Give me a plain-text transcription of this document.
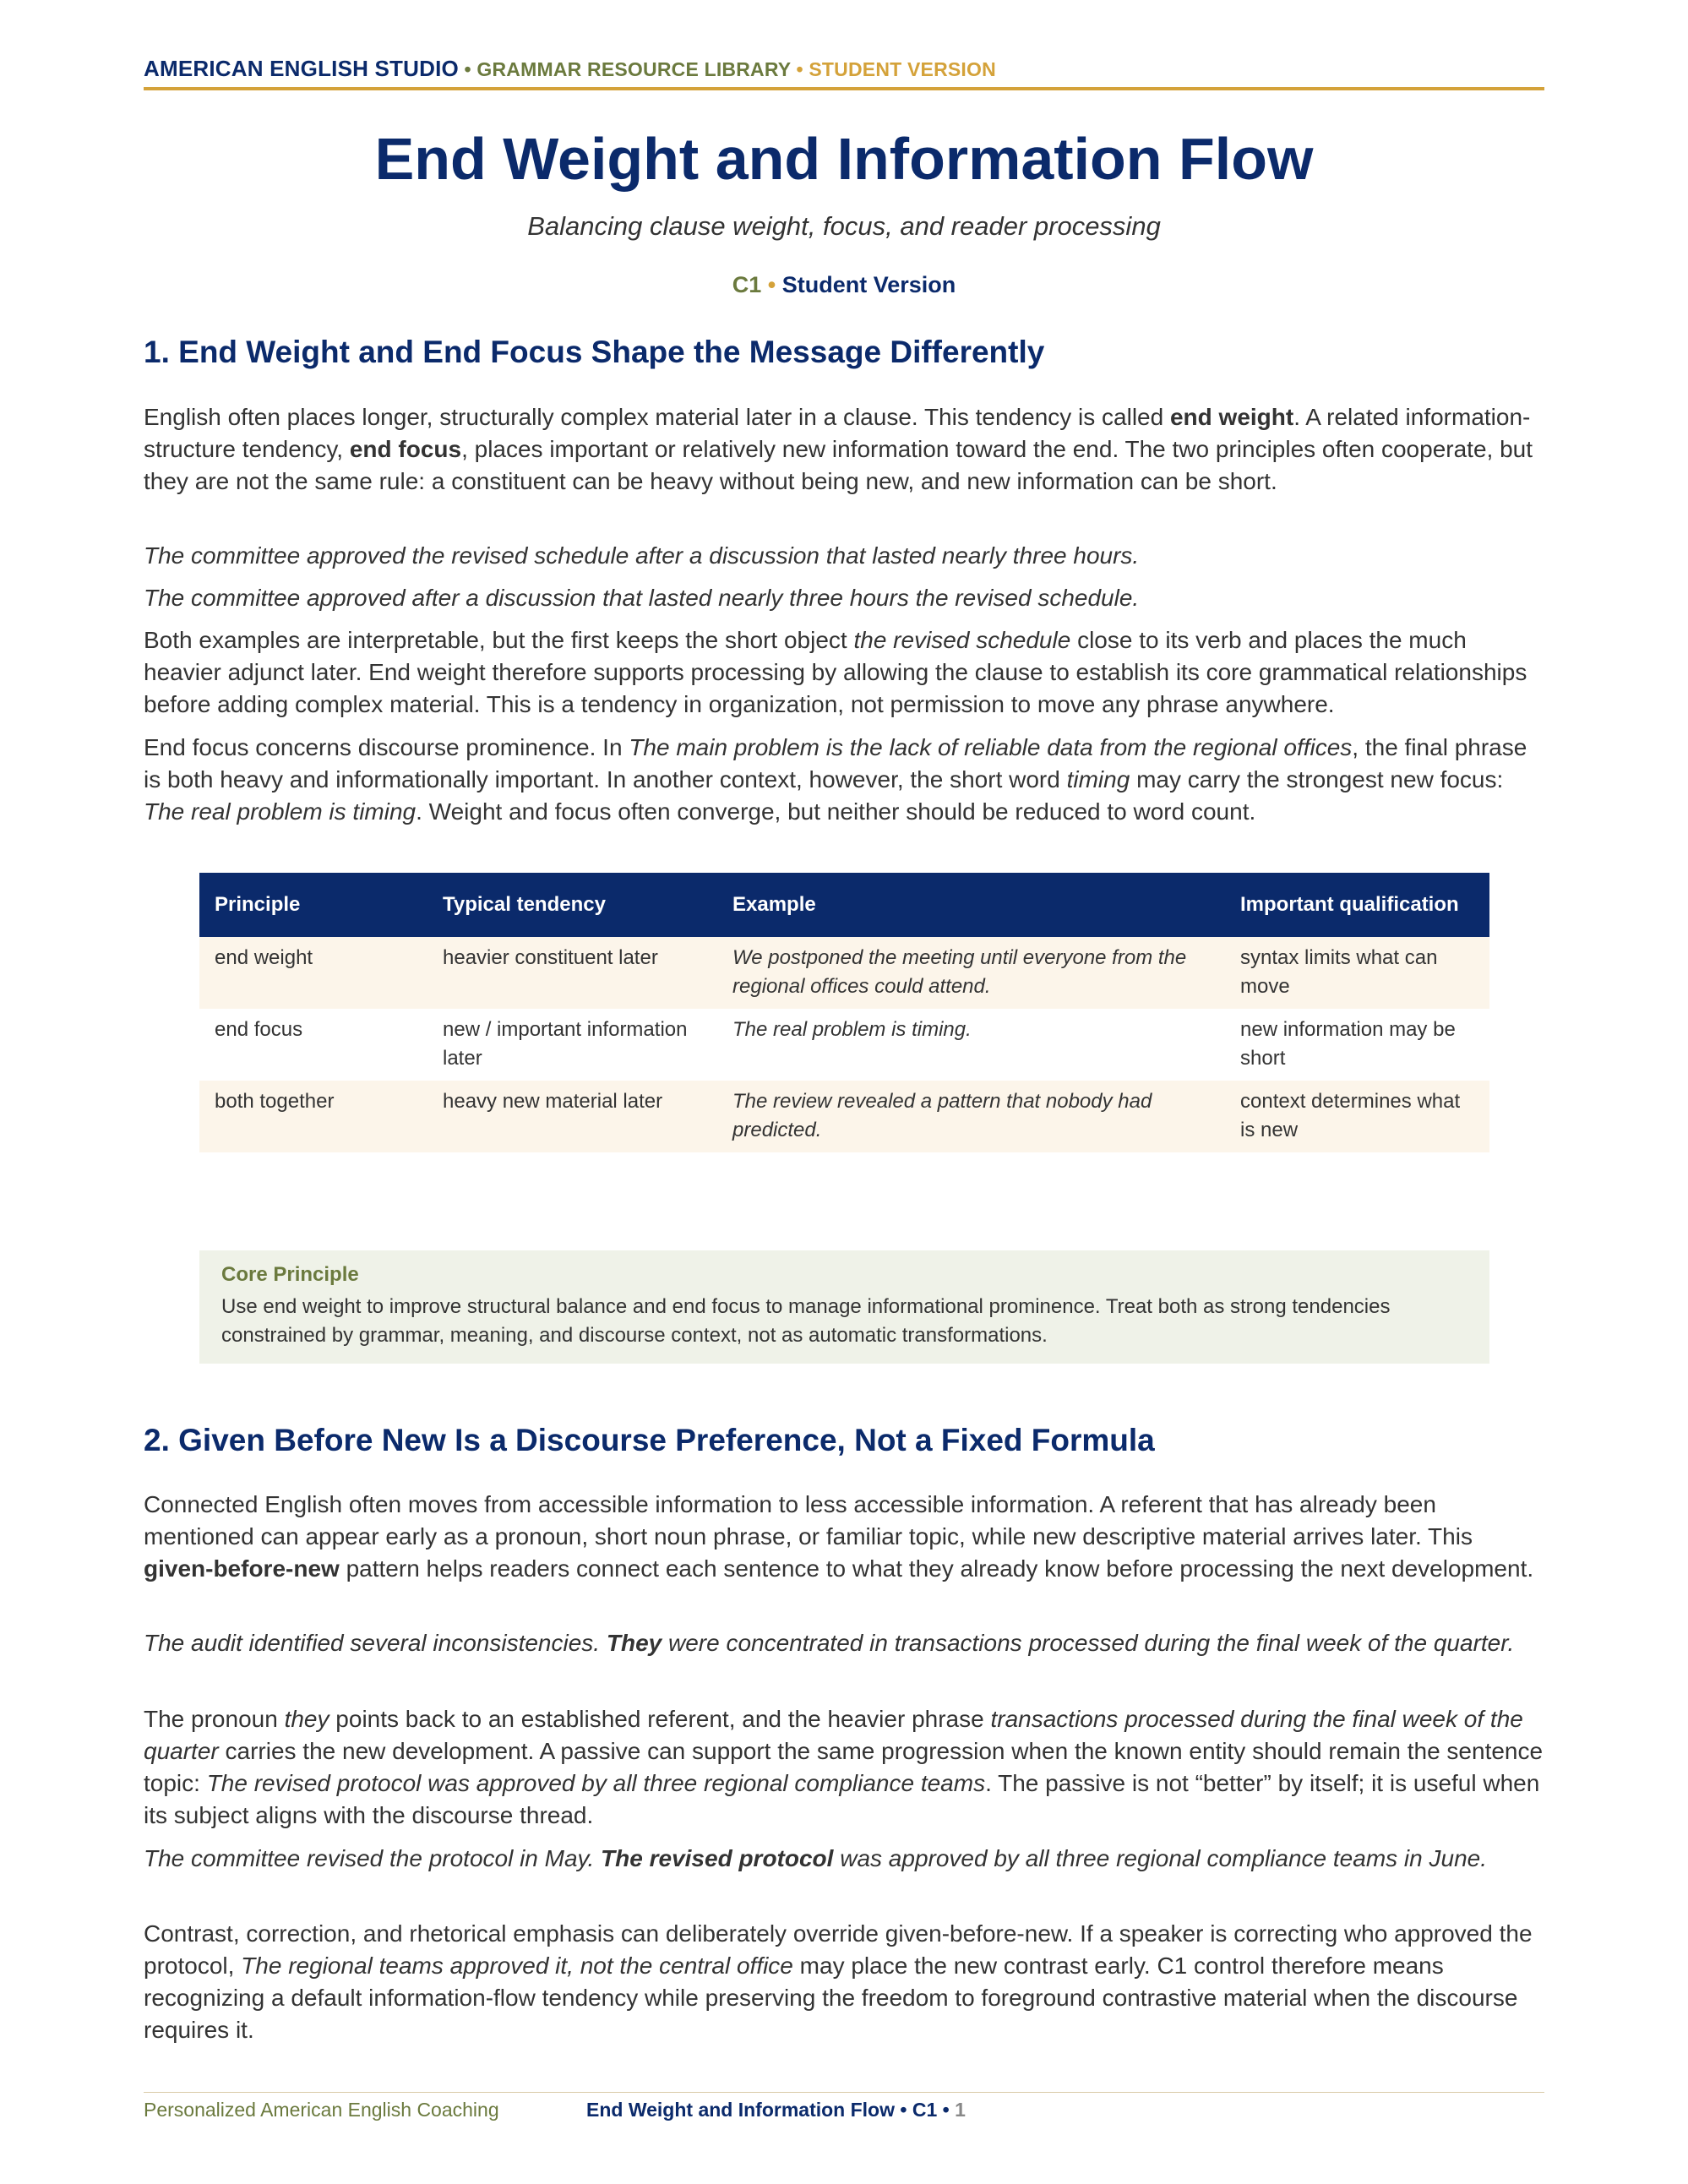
AMERICAN ENGLISH STUDIO • GRAMMAR RESOURCE LIBRARY • STUDENT VERSION
End Weight and Information Flow
Balancing clause weight, focus, and reader processing
C1 • Student Version
1. End Weight and End Focus Shape the Message Differently

English often places longer, structurally complex material later in a clause. This tendency is called end weight. A related information-structure tendency, end focus, places important or relatively new information toward the end. The two principles often cooperate, but they are not the same rule: a constituent can be heavy without being new, and new information can be short.

The committee approved the revised schedule after a discussion that lasted nearly three hours.

The committee approved after a discussion that lasted nearly three hours the revised schedule.

Both examples are interpretable, but the first keeps the short object the revised schedule close to its verb and places the much heavier adjunct later. End weight therefore supports processing by allowing the clause to establish its core grammatical relationships before adding complex material. This is a tendency in organization, not permission to move any phrase anywhere.

End focus concerns discourse prominence. In The main problem is the lack of reliable data from the regional offices, the final phrase is both heavy and informationally important. In another context, however, the short word timing may carry the strongest new focus: The real problem is timing. Weight and focus often converge, but neither should be reduced to word count.

Principle	Typical tendency	Example	Important qualification
end weight	heavier constituent later	We postponed the meeting until everyone from the regional offices could attend.	syntax limits what can move
end focus	new / important information later	The real problem is timing.	new information may be short
both together	heavy new material later	The review revealed a pattern that nobody had predicted.	context determines what is new
Core Principle
Use end weight to improve structural balance and end focus to manage informational prominence. Treat both as strong tendencies constrained by grammar, meaning, and discourse context, not as automatic transformations.
2. Given Before New Is a Discourse Preference, Not a Fixed Formula

Connected English often moves from accessible information to less accessible information. A referent that has already been mentioned can appear early as a pronoun, short noun phrase, or familiar topic, while new descriptive material arrives later. This given-before-new pattern helps readers connect each sentence to what they already know before processing the next development.

The audit identified several inconsistencies. They were concentrated in transactions processed during the final week of the quarter.

The pronoun they points back to an established referent, and the heavier phrase transactions processed during the final week of the quarter carries the new development. A passive can support the same progression when the known entity should remain the sentence topic: The revised protocol was approved by all three regional compliance teams. The passive is not “better” by itself; it is useful when its subject aligns with the discourse thread.

The committee revised the protocol in May. The revised protocol was approved by all three regional compliance teams in June.

Contrast, correction, and rhetorical emphasis can deliberately override given-before-new. If a speaker is correcting who approved the protocol, The regional teams approved it, not the central office may place the new contrast early. C1 control therefore means recognizing a default information-flow tendency while preserving the freedom to foreground contrastive material when the discourse requires it.

Personalized American English Coaching	End Weight and Information Flow • C1 • 1
